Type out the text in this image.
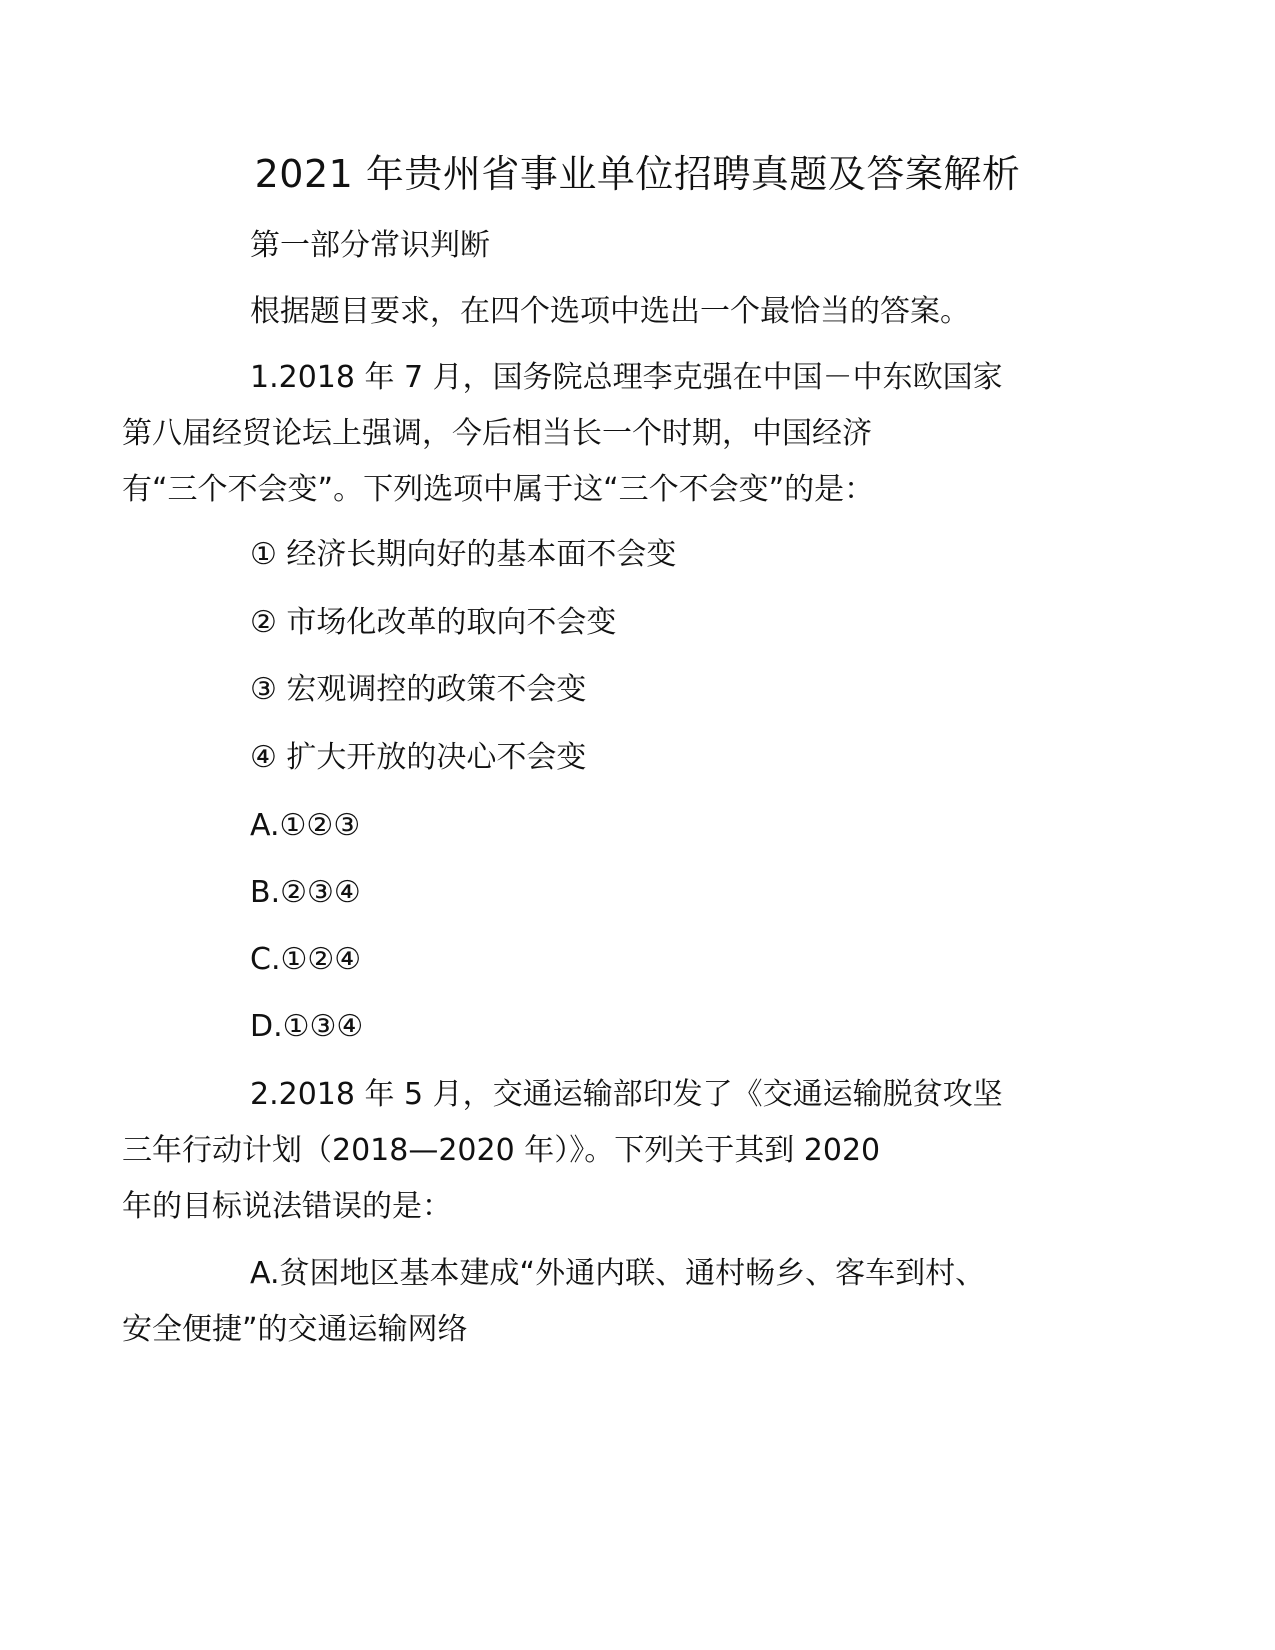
2021 年贵州省事业单位招聘真题及答案解析
第一部分常识判断
根据题目要求，在四个选项中选出一个最恰当的答案。
1.2018 年 7 月，国务院总理李克强在中国－中东欧国家
第八届经贸论坛上强调，今后相当长一个时期，中国经济
有“三个不会变”。下列选项中属于这“三个不会变”的是：
① 经济长期向好的基本面不会变
② 市场化改革的取向不会变
③ 宏观调控的政策不会变
④ 扩大开放的决心不会变
A.①②③
B.②③④
C.①②④
D.①③④
2.2018 年 5 月，交通运输部印发了《交通运输脱贫攻坚
三年行动计划（2018—2020 年）》。下列关于其到 2020
年的目标说法错误的是：
A.贫困地区基本建成“外通内联、通村畅乡、客车到村、
安全便捷”的交通运输网络
